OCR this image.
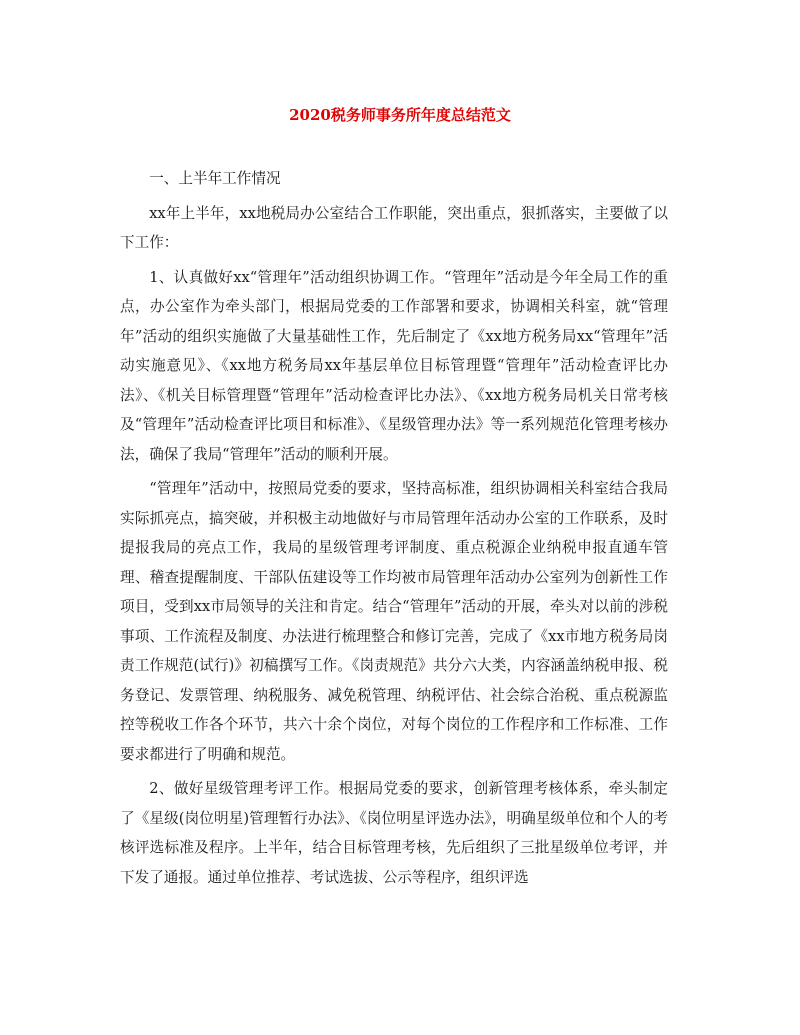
2020税务师事务所年度总结范文

一、上半年工作情况

xx年上半年，xx地税局办公室结合工作职能，突出重点，狠抓落实，主要做了以下工作：

1、认真做好xx“管理年”活动组织协调工作。“管理年”活动是今年全局工作的重点，办公室作为牵头部门，根据局党委的工作部署和要求，协调相关科室，就“管理年”活动的组织实施做了大量基础性工作，先后制定了《xx地方税务局xx“管理年”活动实施意见》、《xx地方税务局xx年基层单位目标管理暨“管理年”活动检查评比办法》、《机关目标管理暨“管理年”活动检查评比办法》、《xx地方税务局机关日常考核及“管理年”活动检查评比项目和标准》、《星级管理办法》等一系列规范化管理考核办法，确保了我局“管理年”活动的顺利开展。

“管理年”活动中，按照局党委的要求，坚持高标准，组织协调相关科室结合我局实际抓亮点，搞突破，并积极主动地做好与市局管理年活动办公室的工作联系，及时提报我局的亮点工作，我局的星级管理考评制度、重点税源企业纳税申报直通车管理、稽查提醒制度、干部队伍建设等工作均被市局管理年活动办公室列为创新性工作项目，受到xx市局领导的关注和肯定。结合“管理年”活动的开展，牵头对以前的涉税事项、工作流程及制度、办法进行梳理整合和修订完善，完成了《xx市地方税务局岗责工作规范(试行)》初稿撰写工作。《岗责规范》共分六大类，内容涵盖纳税申报、税务登记、发票管理、纳税服务、减免税管理、纳税评估、社会综合治税、重点税源监控等税收工作各个环节，共六十余个岗位，对每个岗位的工作程序和工作标准、工作要求都进行了明确和规范。

2、做好星级管理考评工作。根据局党委的要求，创新管理考核体系，牵头制定了《星级(岗位明星)管理暂行办法》、《岗位明星评选办法》，明确星级单位和个人的考核评选标准及程序。上半年，结合目标管理考核，先后组织了三批星级单位考评，并下发了通报。通过单位推荐、考试选拔、公示等程序，组织评选
